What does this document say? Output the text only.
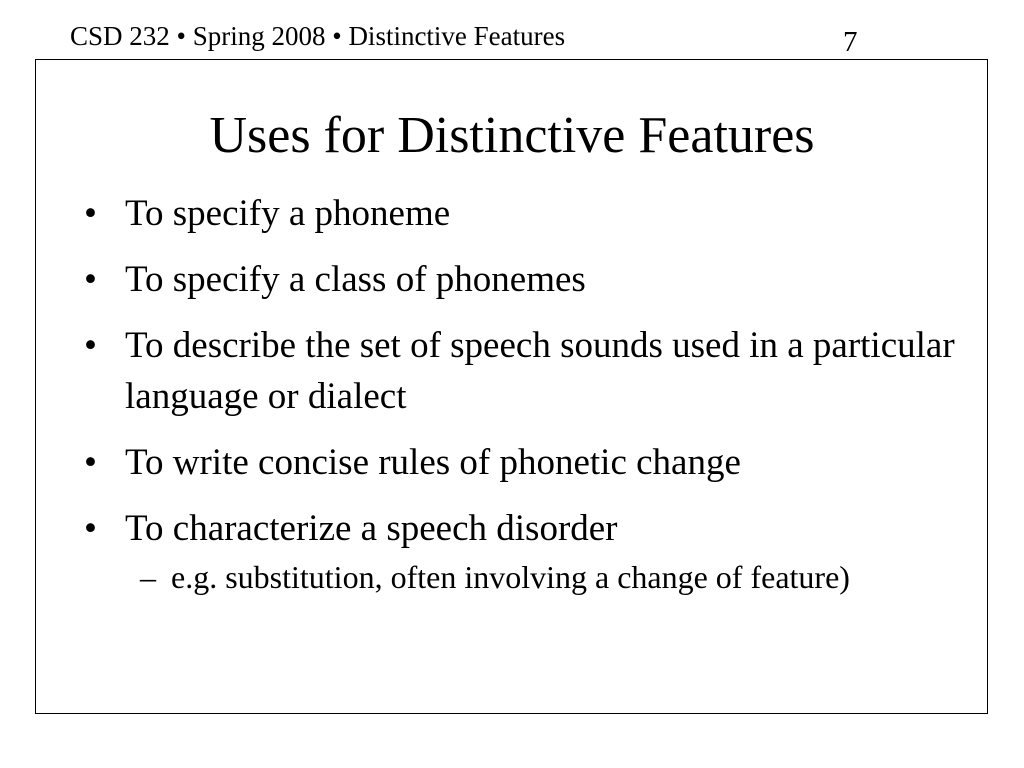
CSD 232 • Spring 2008 • Distinctive Features	7
Uses for Distinctive Features
• To specify a phoneme
• To specify a class of phonemes
• To describe the set of speech sounds used in a particular language or dialect
• To write concise rules of phonetic change
• To characterize a speech disorder
– e.g. substitution, often involving a change of feature)
